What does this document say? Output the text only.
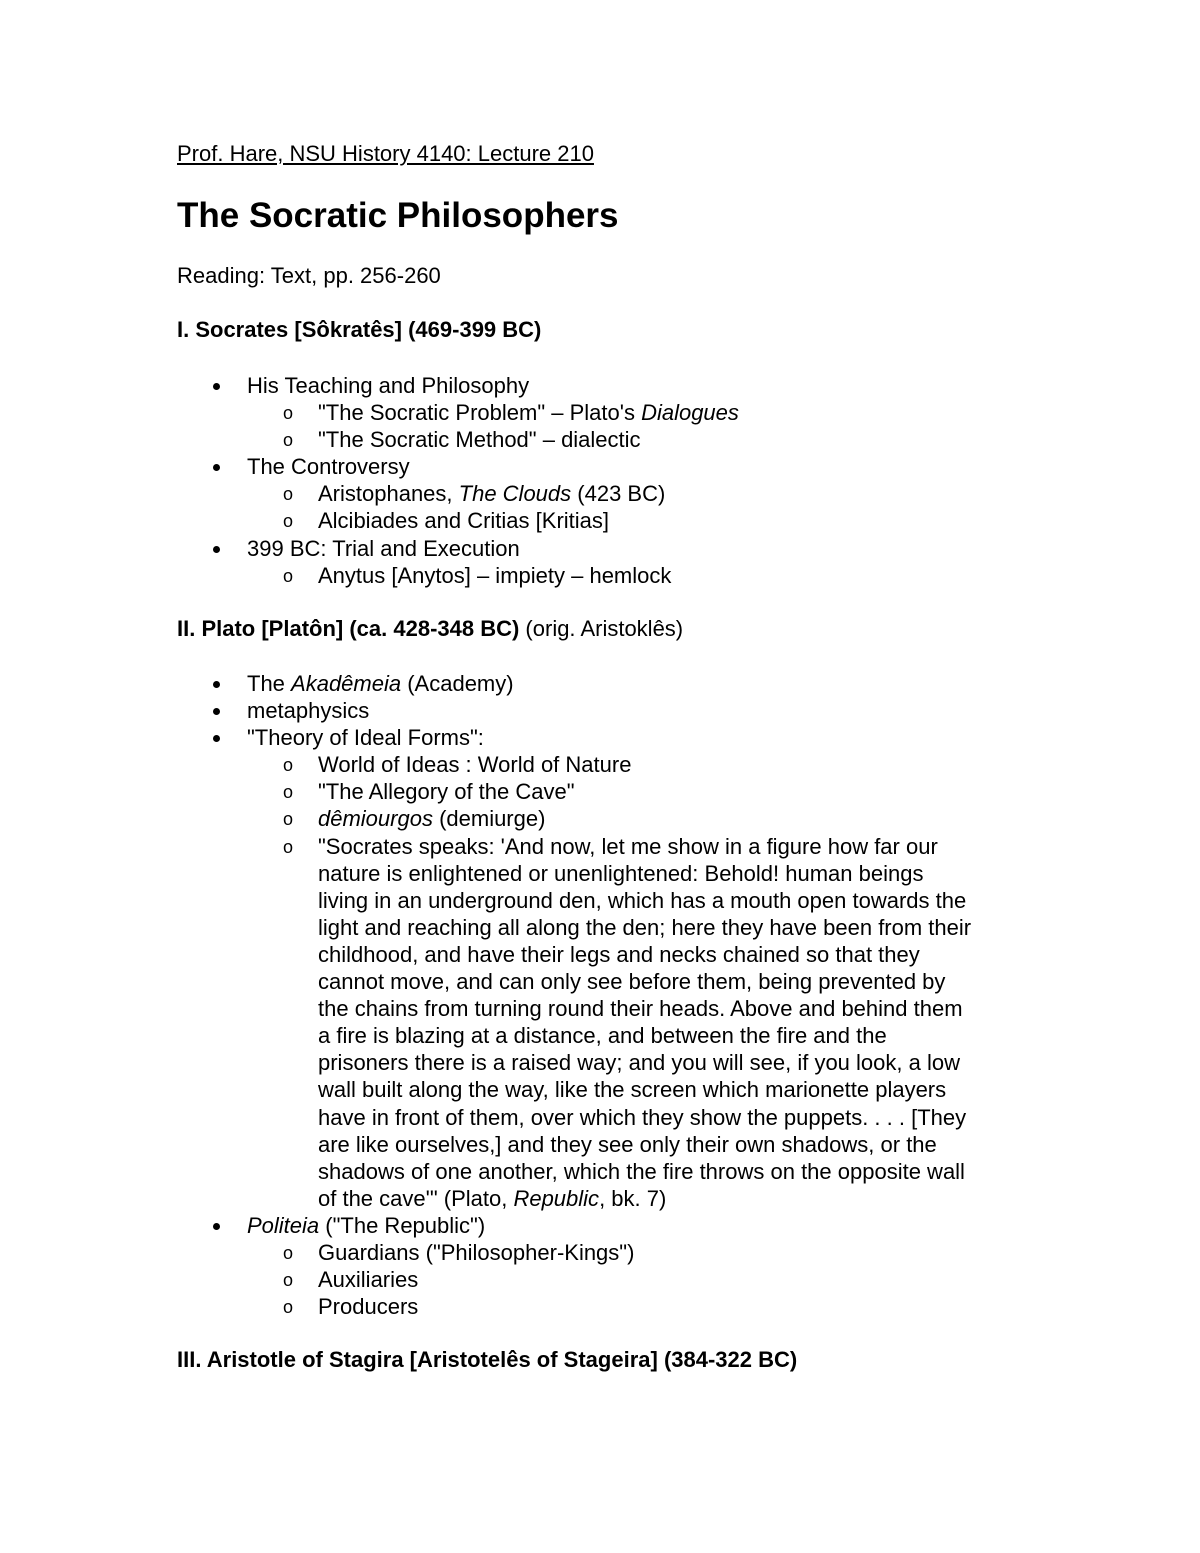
Prof. Hare, NSU History 4140: Lecture 210
The Socratic Philosophers
Reading: Text, pp. 256-260
I. Socrates [Sôkratês] (469-399 BC)
His Teaching and Philosophy
o "The Socratic Problem" – Plato's Dialogues
o "The Socratic Method" – dialectic
The Controversy
o Aristophanes, The Clouds (423 BC)
o Alcibiades and Critias [Kritias]
399 BC: Trial and Execution
o Anytus [Anytos] – impiety – hemlock
II. Plato [Platôn] (ca. 428-348 BC) (orig. Aristoklês)
The Akadêmeia (Academy)
metaphysics
"Theory of Ideal Forms":
o World of Ideas : World of Nature
o "The Allegory of the Cave"
o dêmiourgos (demiurge)
o "Socrates speaks: 'And now, let me show in a figure how far our
nature is enlightened or unenlightened: Behold! human beings
living in an underground den, which has a mouth open towards the
light and reaching all along the den; here they have been from their
childhood, and have their legs and necks chained so that they
cannot move, and can only see before them, being prevented by
the chains from turning round their heads. Above and behind them
a fire is blazing at a distance, and between the fire and the
prisoners there is a raised way; and you will see, if you look, a low
wall built along the way, like the screen which marionette players
have in front of them, over which they show the puppets. . . . [They
are like ourselves,] and they see only their own shadows, or the
shadows of one another, which the fire throws on the opposite wall
of the cave'" (Plato, Republic, bk. 7)
Politeia ("The Republic")
o Guardians ("Philosopher-Kings")
o Auxiliaries
o Producers
III. Aristotle of Stagira [Aristotelês of Stageira] (384-322 BC)
